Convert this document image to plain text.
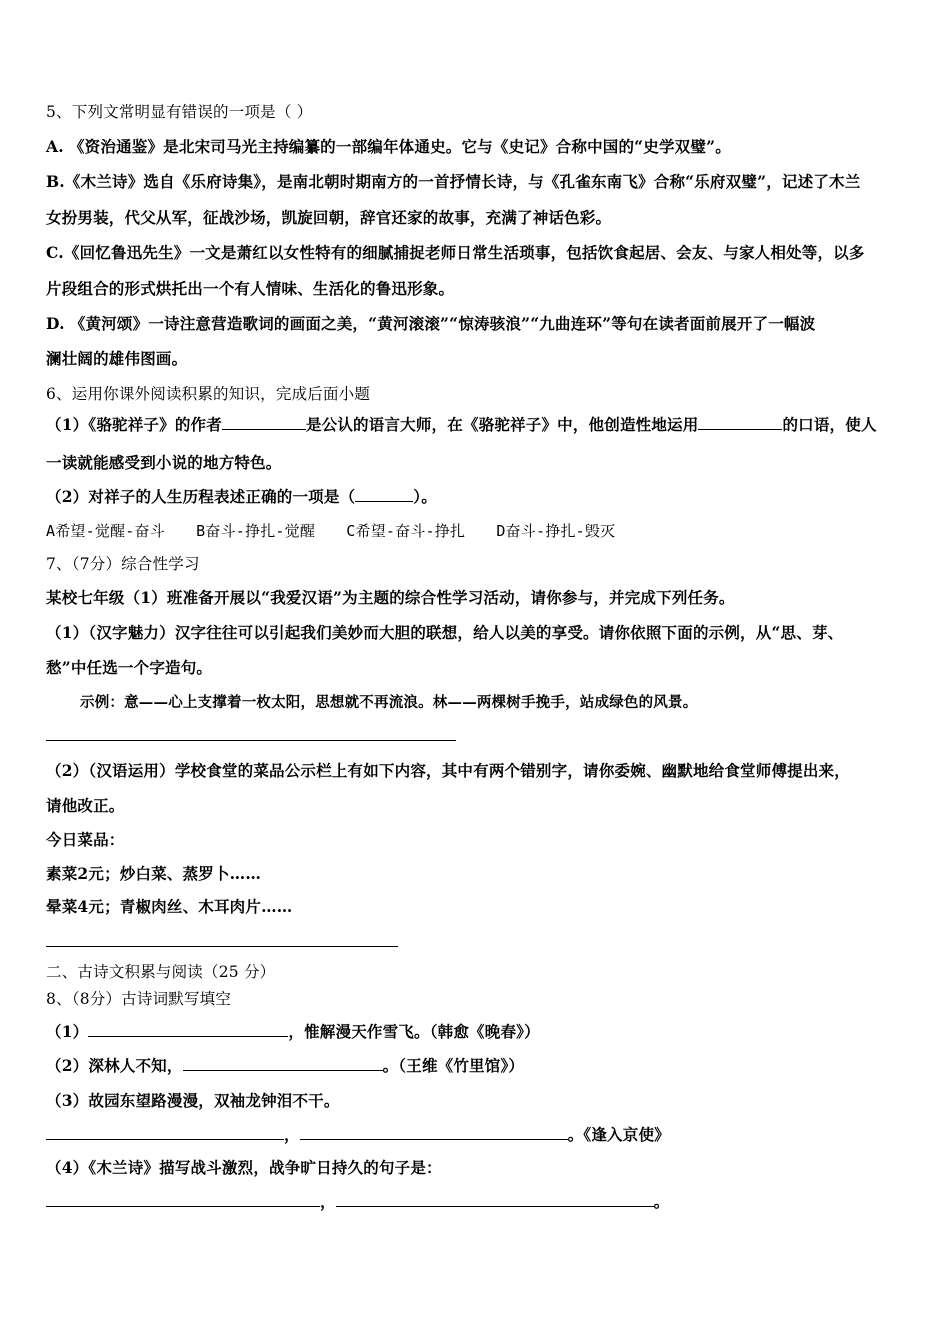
5、下列文常明显有错误的一项是（ ）
A. 《资治通鉴》是北宋司马光主持编纂的一部编年体通史。它与《史记》合称中国的“史学双璧”。
B.《木兰诗》选自《乐府诗集》，是南北朝时期南方的一首抒情长诗，与《孔雀东南飞》合称“乐府双璧”，记述了木兰
女扮男装，代父从军，征战沙场，凯旋回朝，辞官还家的故事，充满了神话色彩。
C.《回忆鲁迅先生》一文是萧红以女性特有的细腻捕捉老师日常生活琐事，包括饮食起居、会友、与家人相处等，以多
片段组合的形式烘托出一个有人情味、生活化的鲁迅形象。
D. 《黄河颂》一诗注意营造歌词的画面之美，“黄河滚滚”“惊涛骇浪”“九曲连环”等句在读者面前展开了一幅波
澜壮阔的雄伟图画。
6、运用你课外阅读积累的知识，完成后面小题
（1）《骆驼祥子》的作者	是公认的语言大师，在《骆驼祥子》中，他创造性地运用	的口语，使人
一读就能感受到小说的地方特色。
（2）对祥子的人生历程表述正确的一项是（	）。
A希望-觉醒-奋斗 B奋斗-挣扎-觉醒 C希望-奋斗-挣扎 D奋斗-挣扎-毁灭
7、（7分）综合性学习
某校七年级（1）班准备开展以“我爱汉语”为主题的综合性学习活动，请你参与，并完成下列任务。
（1）（汉字魅力）汉字往往可以引起我们美妙而大胆的联想，给人以美的享受。请你依照下面的示例，从“思、芽、
愁”中任选一个字造句。
示例：意——心上支撑着一枚太阳，思想就不再流浪。林——两棵树手挽手，站成绿色的风景。
（2）（汉语运用）学校食堂的菜品公示栏上有如下内容，其中有两个错别字，请你委婉、幽默地给食堂师傅提出来，
请他改正。
今日菜品：
素菜2元；炒白菜、蒸罗卜……
晕菜4元；青椒肉丝、木耳肉片……
二、古诗文积累与阅读（25 分）
8、（8分）古诗词默写填空
（1）	，惟解漫天作雪飞。（韩愈《晚春》）
（2）深林人不知，	。（王维《竹里馆》）
（3）故园东望路漫漫，双袖龙钟泪不干。
，	。《逢入京使》
（4）《木兰诗》描写战斗激烈，战争旷日持久的句子是：
，	。
